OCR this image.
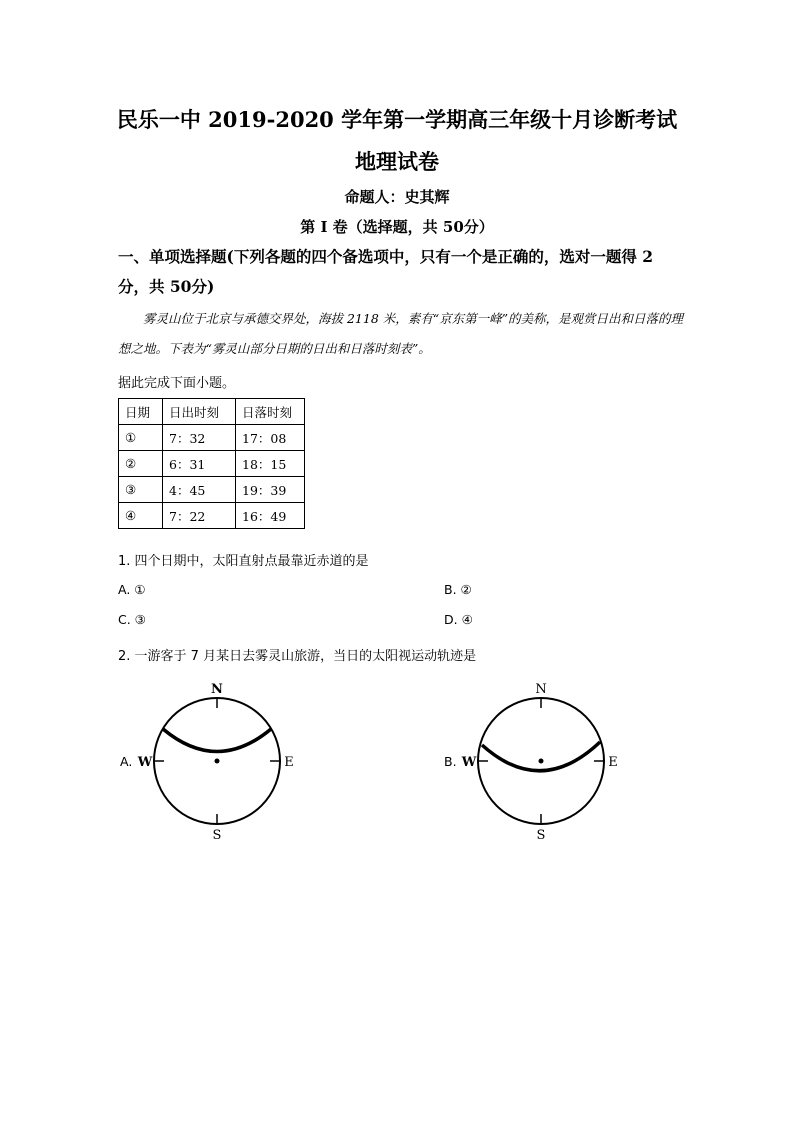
民乐一中 2019-2020 学年第一学期高三年级十月诊断考试
地理试卷
命题人：史其辉
第 I 卷（选择题，共 50分）
一、单项选择题(下列各题的四个备选项中，只有一个是正确的，选对一题得 2分，共 50分)
雾灵山位于北京与承德交界处，海拔 2118 米，素有“京东第一峰”的美称，是观赏日出和日落的理想之地。下表为“雾灵山部分日期的日出和日落时刻表”。
据此完成下面小题。
日期	日出时刻	日落时刻
①	7：32	17：08
②	6：31	18：15
③	4：45	19：39
④	7：22	16：49
1. 四个日期中，太阳直射点最靠近赤道的是
A. ①	B. ②
C. ③	D. ④
2. 一游客于 7 月某日去雾灵山旅游，当日的太阳视运动轨迹是
A.	B.
N
S
W	E
N
S
W	E
